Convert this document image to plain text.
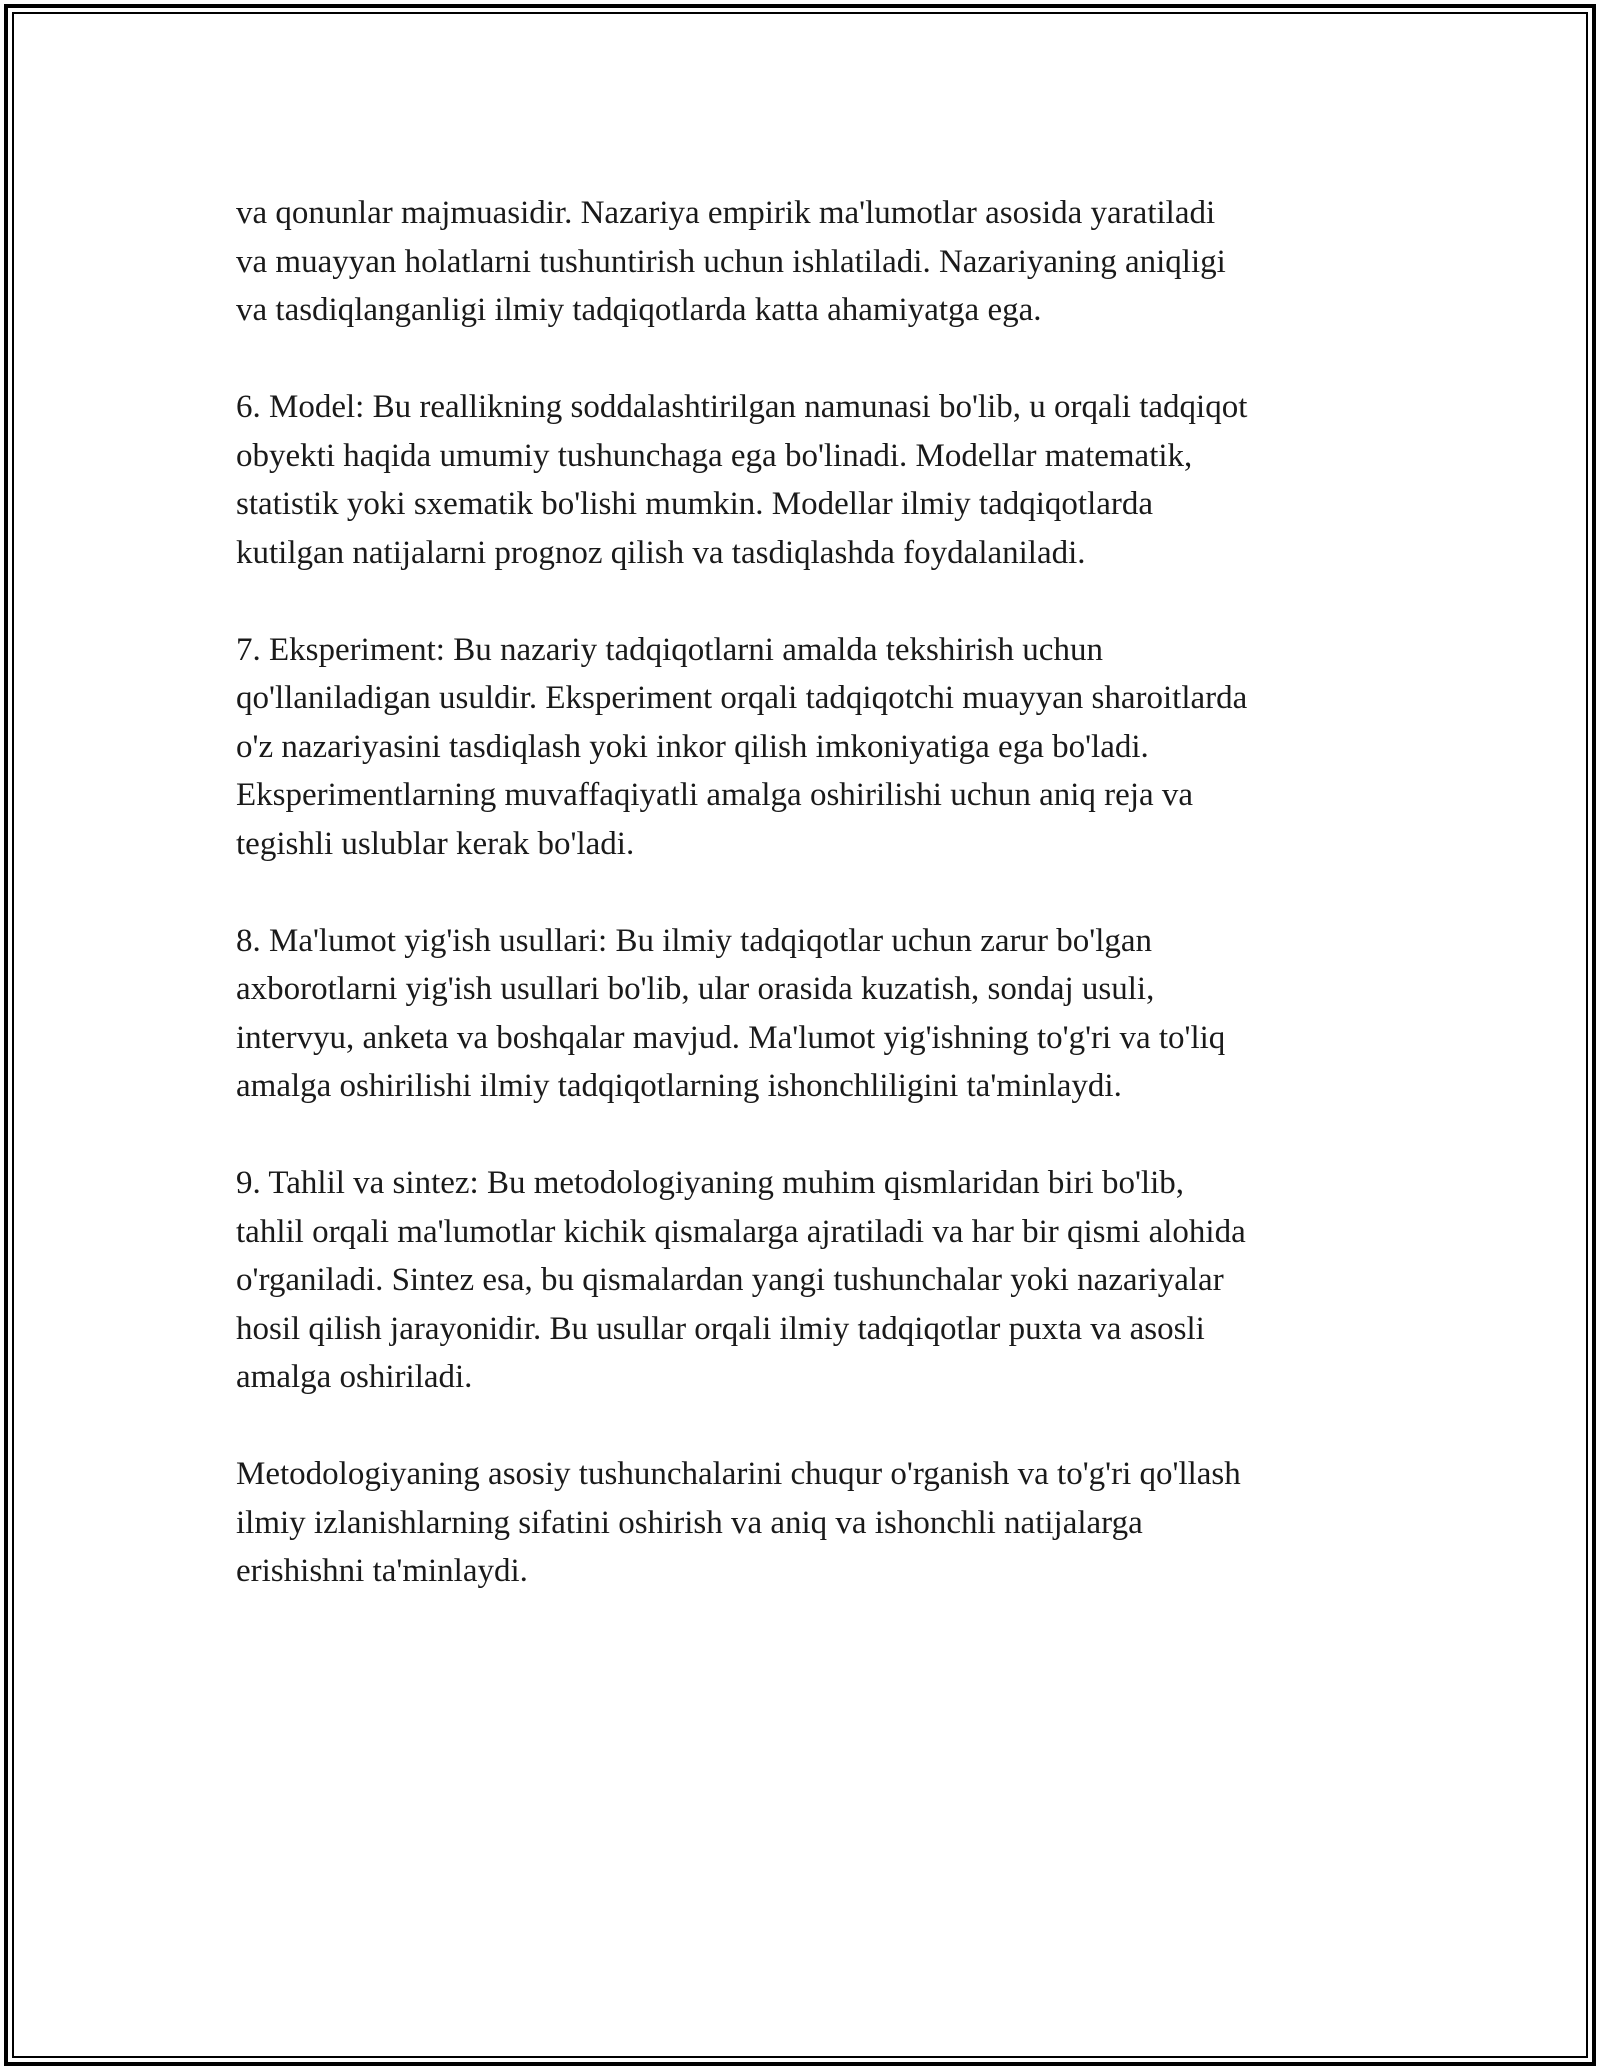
va qonunlar majmuasidir. Nazariya empirik ma'lumotlar asosida yaratiladi
va muayyan holatlarni tushuntirish uchun ishlatiladi. Nazariyaning aniqligi
va tasdiqlanganligi ilmiy tadqiqotlarda katta ahamiyatga ega.

6. Model: Bu reallikning soddalashtirilgan namunasi bo'lib, u orqali tadqiqot
obyekti haqida umumiy tushunchaga ega bo'linadi. Modellar matematik,
statistik yoki sxematik bo'lishi mumkin. Modellar ilmiy tadqiqotlarda
kutilgan natijalarni prognoz qilish va tasdiqlashda foydalaniladi.

7. Eksperiment: Bu nazariy tadqiqotlarni amalda tekshirish uchun
qo'llaniladigan usuldir. Eksperiment orqali tadqiqotchi muayyan sharoitlarda
o'z nazariyasini tasdiqlash yoki inkor qilish imkoniyatiga ega bo'ladi.
Eksperimentlarning muvaffaqiyatli amalga oshirilishi uchun aniq reja va
tegishli uslublar kerak bo'ladi.

8. Ma'lumot yig'ish usullari: Bu ilmiy tadqiqotlar uchun zarur bo'lgan
axborotlarni yig'ish usullari bo'lib, ular orasida kuzatish, sondaj usuli,
intervyu, anketa va boshqalar mavjud. Ma'lumot yig'ishning to'g'ri va to'liq
amalga oshirilishi ilmiy tadqiqotlarning ishonchliligini ta'minlaydi.

9. Tahlil va sintez: Bu metodologiyaning muhim qismlaridan biri bo'lib,
tahlil orqali ma'lumotlar kichik qismalarga ajratiladi va har bir qismi alohida
o'rganiladi. Sintez esa, bu qismalardan yangi tushunchalar yoki nazariyalar
hosil qilish jarayonidir. Bu usullar orqali ilmiy tadqiqotlar puxta va asosli
amalga oshiriladi.

Metodologiyaning asosiy tushunchalarini chuqur o'rganish va to'g'ri qo'llash
ilmiy izlanishlarning sifatini oshirish va aniq va ishonchli natijalarga
erishishni ta'minlaydi.
